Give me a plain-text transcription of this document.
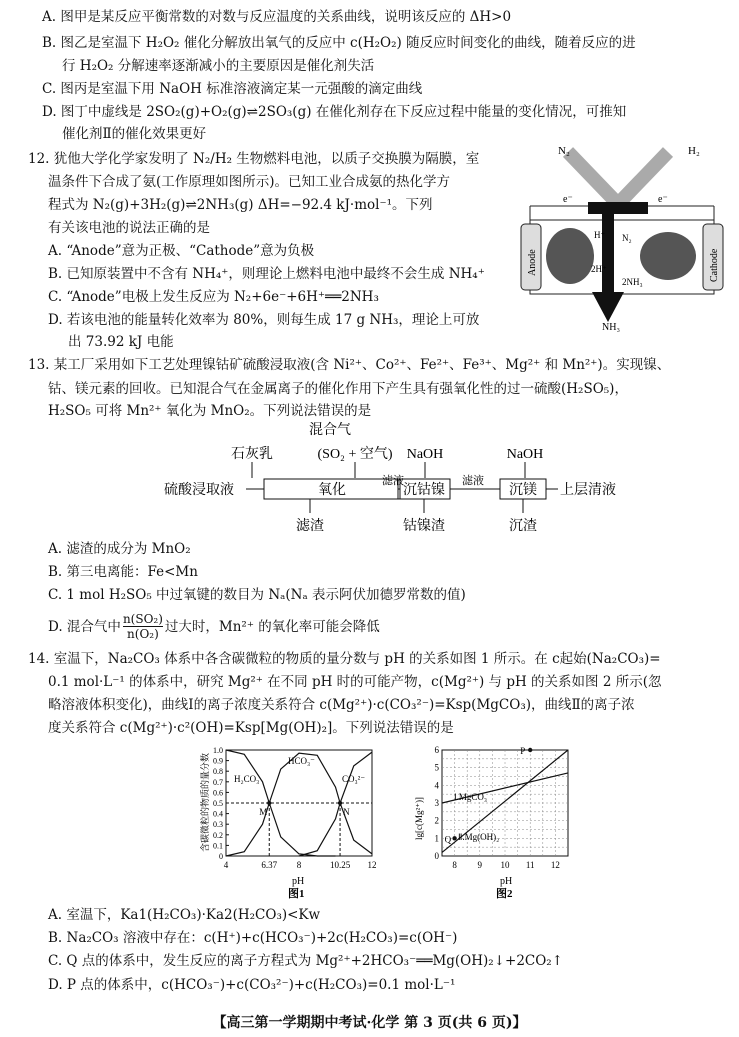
A. 图甲是某反应平衡常数的对数与反应温度的关系曲线，说明该反应的 ΔH>0
B. 图乙是室温下 H₂O₂ 催化分解放出氧气的反应中 c(H₂O₂) 随反应时间变化的曲线，随着反应的进
行 H₂O₂ 分解速率逐渐减小的主要原因是催化剂失活
C. 图丙是室温下用 NaOH 标准溶液滴定某一元强酸的滴定曲线
D. 图丁中虚线是 2SO₂(g)+O₂(g)⇌2SO₃(g) 在催化剂存在下反应过程中能量的变化情况，可推知
催化剂Ⅱ的催化效果更好
12. 犹他大学化学家发明了 N₂/H₂ 生物燃料电池，以质子交换膜为隔膜，室
温条件下合成了氨(工作原理如图所示)。已知工业合成氨的热化学方
程式为 N₂(g)+3H₂(g)⇌2NH₃(g) ΔH=−92.4 kJ·mol⁻¹。下列
有关该电池的说法正确的是
A. “Anode”意为正极、“Cathode”意为负极
B. 已知原装置中不含有 NH₄⁺，则理论上燃料电池中最终不会生成 NH₄⁺
C. “Anode”电极上发生反应为 N₂+6e⁻+6H⁺══2NH₃
D. 若该电池的能量转化效率为 80%，则每生成 17 g NH₃，理论上可放
出 73.92 kJ 电能
N₂	H₂
e⁻	e⁻
Anode	Cathode
H⁺
2H⁺
N₂
2NH₃
NH₃
13. 某工厂采用如下工艺处理镍钴矿硫酸浸取液(含 Ni²⁺、Co²⁺、Fe²⁺、Fe³⁺、Mg²⁺ 和 Mn²⁺)。实现镍、
钴、镁元素的回收。已知混合气在金属离子的催化作用下产生具有强氧化性的过一硫酸(H₂SO₅)，
H₂SO₅ 可将 Mn²⁺ 氧化为 MnO₂。下列说法错误的是
混合气
石灰乳	(SO₂ + 空气) NaOH	NaOH
硫酸浸取液	氧化
滤液
沉钴镍
滤液
沉镁 上层清液
滤渣	钴镍渣	沉渣
A. 滤渣的成分为 MnO₂
B. 第三电离能：Fe<Mn
C. 1 mol H₂SO₅ 中过氧键的数目为 Nₐ(Nₐ 表示阿伏加德罗常数的值)
D. 混合气中 $\frac{\text{n(SO₂)}}{\text{n(O₂)}}$ 过大时，Mn²⁺ 的氧化率可能会降低
14. 室温下，Na₂CO₃ 体系中各含碳微粒的物质的量分数与 pH 的关系如图 1 所示。在 c起始(Na₂CO₃)=
0.1 mol·L⁻¹ 的体系中，研究 Mg²⁺ 在不同 pH 时的可能产物，c(Mg²⁺) 与 pH 的关系如图 2 所示(忽
略溶液体积变化)，曲线Ⅰ的离子浓度关系符合 c(Mg²⁺)·c(CO₃²⁻)=Ksp(MgCO₃)，曲线Ⅱ的离子浓
度关系符合 c(Mg²⁺)·c²(OH)=Ksp[Mg(OH)₂]。下列说法错误的是
含碳微粒的物质的量分数
0
0.1
0.2
0.3
0.4
0.5
0.6
0.7
0.8
0.9
1.0
4	6.37 8	10.25 12
pH
图1
H₂CO₃
HCO₃⁻
CO₃²⁻
M	N	lg[c(Mg²⁺)]
0
1
2
3
4
5
6
8 9 10 11 12
pH
图2
Ⅰ.MgCO₃
Ⅱ.Mg(OH)₂
P
Q
A. 室温下，Ka1(H₂CO₃)·Ka2(H₂CO₃)<Kw
B. Na₂CO₃ 溶液中存在：c(H⁺)+c(HCO₃⁻)+2c(H₂CO₃)=c(OH⁻)
C. Q 点的体系中，发生反应的离子方程式为 Mg²⁺+2HCO₃⁻══Mg(OH)₂↓+2CO₂↑
D. P 点的体系中，c(HCO₃⁻)+c(CO₃²⁻)+c(H₂CO₃)=0.1 mol·L⁻¹
【高三第一学期期中考试·化学 第 3 页(共 6 页)】
